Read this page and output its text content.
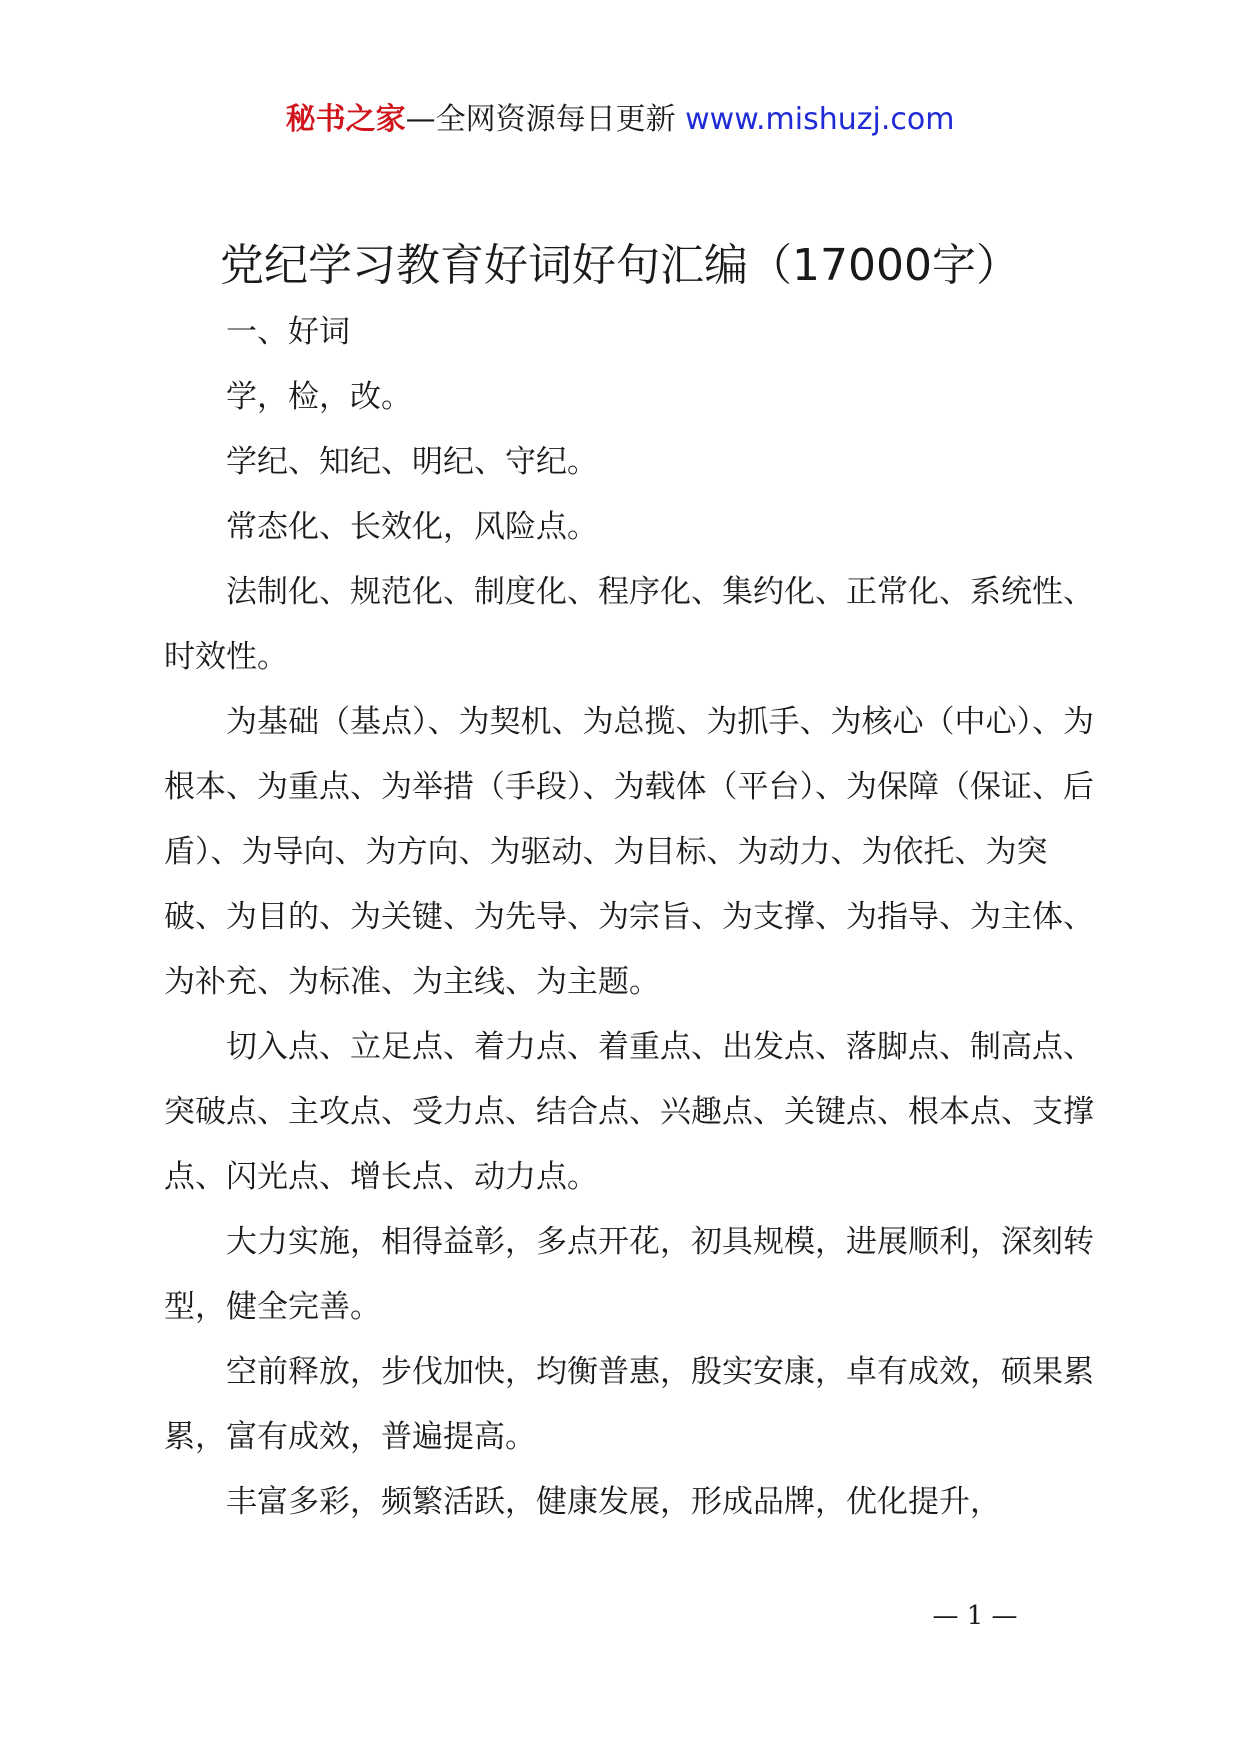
秘书之家—全网资源每日更新 www.mishuzj.com
党纪学习教育好词好句汇编（17000字）

一、好词

学，检，改。

学纪、知纪、明纪、守纪。

常态化、长效化，风险点。

法制化、规范化、制度化、程序化、集约化、正常化、系统性、时效性。

为基础（基点）、为契机、为总揽、为抓手、为核心（中心）、为根本、为重点、为举措（手段）、为载体（平台）、为保障（保证、后盾）、为导向、为方向、为驱动、为目标、为动力、为依托、为突破、为目的、为关键、为先导、为宗旨、为支撑、为指导、为主体、为补充、为标准、为主线、为主题。

切入点、立足点、着力点、着重点、出发点、落脚点、制高点、突破点、主攻点、受力点、结合点、兴趣点、关键点、根本点、支撑点、闪光点、增长点、动力点。

大力实施，相得益彰，多点开花，初具规模，进展顺利，深刻转型，健全完善。

空前释放，步伐加快，均衡普惠，殷实安康，卓有成效，硕果累累，富有成效，普遍提高。

丰富多彩，频繁活跃，健康发展，形成品牌，优化提升，

— 1 —
